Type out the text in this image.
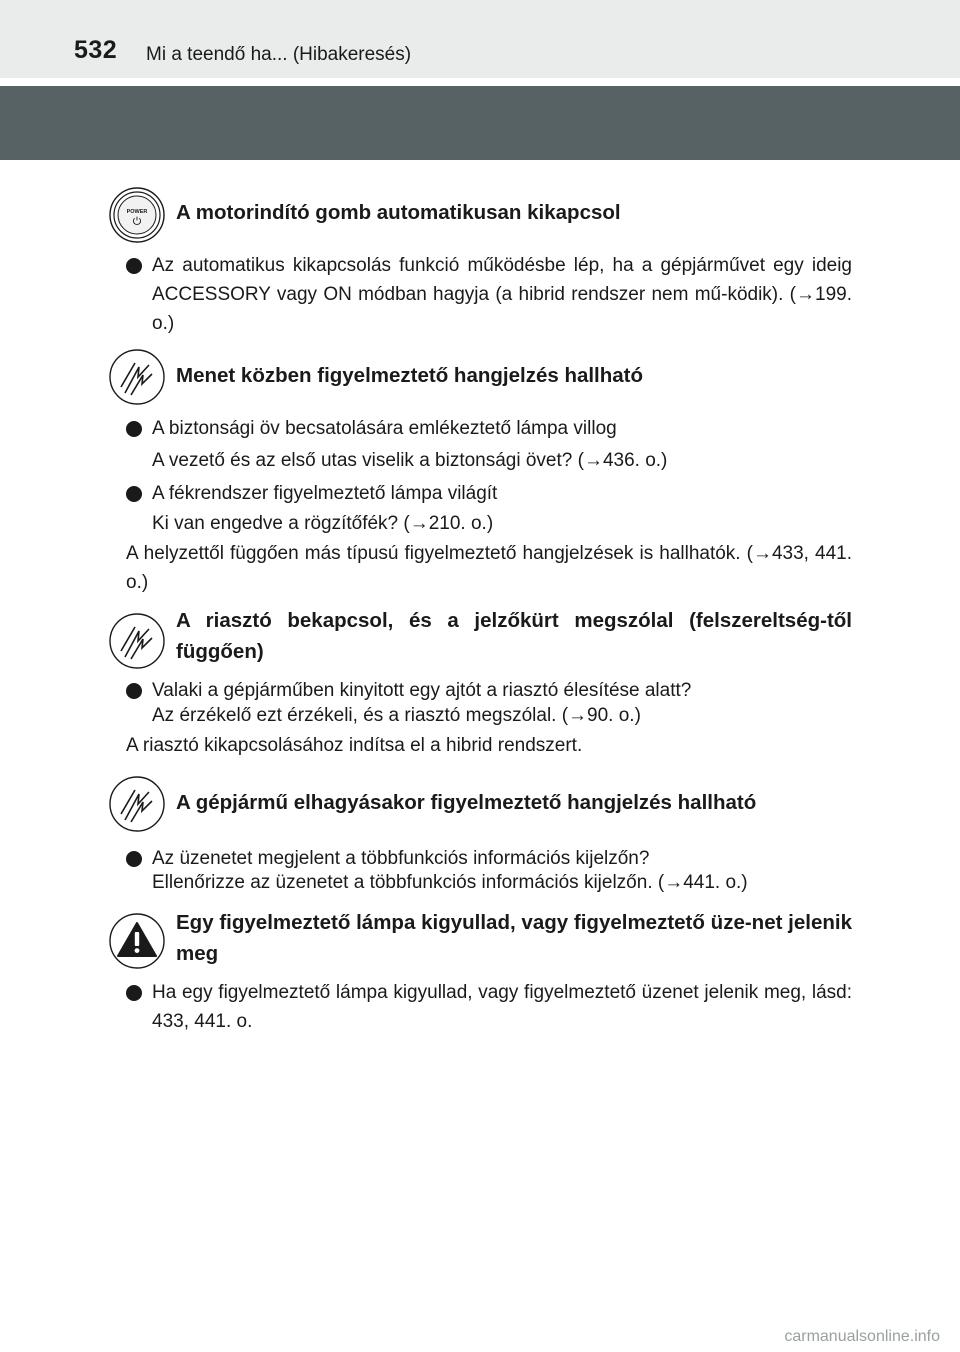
532 Mi a teendő ha... (Hibakeresés)
POWER A motorindító gomb automatikusan kikapcsol
Az automatikus kikapcsolás funkció működésbe lép, ha a gépjárművet egy ideig ACCESSORY vagy ON módban hagyja (a hibrid rendszer nem mű-ködik). (→199. o.)
Menet közben figyelmeztető hangjelzés hallható
A biztonsági öv becsatolására emlékeztető lámpa villog
A vezető és az első utas viselik a biztonsági övet? (→436. o.)
A fékrendszer figyelmeztető lámpa világít
Ki van engedve a rögzítőfék? (→210. o.)
A helyzettől függően más típusú figyelmeztető hangjelzések is hallhatók. (→433, 441. o.)
A riasztó bekapcsol, és a jelzőkürt megszólal (felszereltség-től függően)
Valaki a gépjárműben kinyitott egy ajtót a riasztó élesítése alatt?
Az érzékelő ezt érzékeli, és a riasztó megszólal. (→90. o.)
A riasztó kikapcsolásához indítsa el a hibrid rendszert.
A gépjármű elhagyásakor figyelmeztető hangjelzés hallható
Az üzenetet megjelent a többfunkciós információs kijelzőn?
Ellenőrizze az üzenetet a többfunkciós információs kijelzőn. (→441. o.)
Egy figyelmeztető lámpa kigyullad, vagy figyelmeztető üze-net jelenik meg
Ha egy figyelmeztető lámpa kigyullad, vagy figyelmeztető üzenet jelenik meg, lásd: 433, 441. o.
carmanualsonline.info
